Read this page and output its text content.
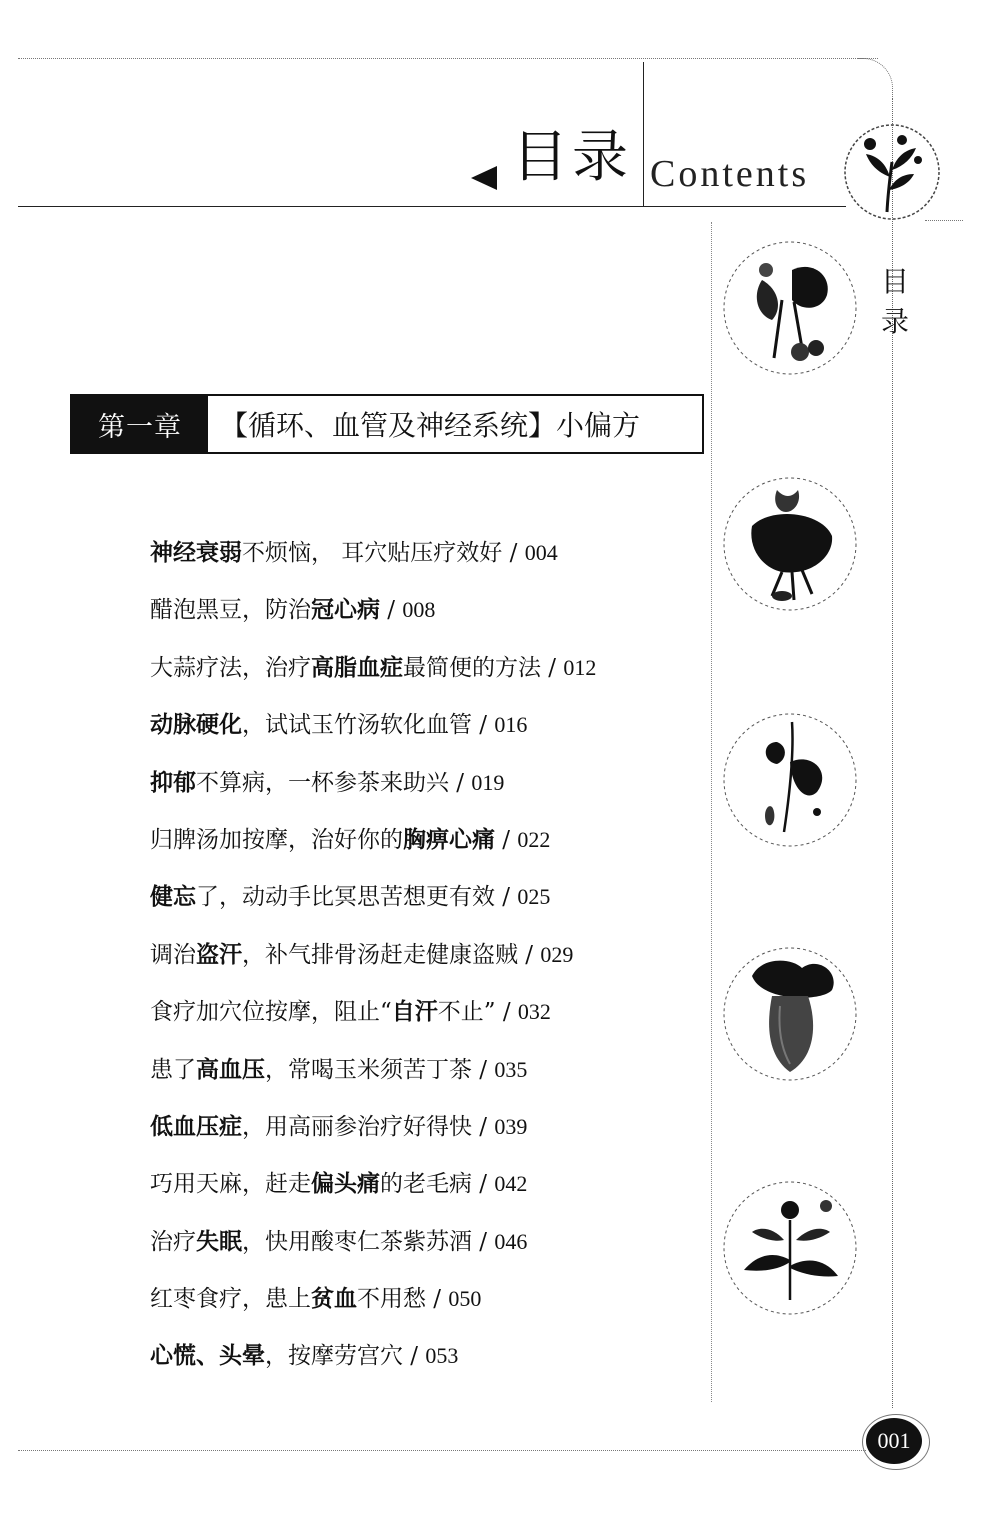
目录 Contents
目录
第一章	【循环、血管及神经系统】小偏方
神经衰弱不烦恼， 耳穴贴压疗效好 / 004
醋泡黑豆，防治冠心病 / 008
大蒜疗法，治疗高脂血症最简便的方法 / 012
动脉硬化，试试玉竹汤软化血管 / 016
抑郁不算病，一杯参茶来助兴 / 019
归脾汤加按摩，治好你的胸痹心痛 / 022
健忘了，动动手比冥思苦想更有效 / 025
调治盗汗，补气排骨汤赶走健康盗贼 / 029
食疗加穴位按摩，阻止“自汗不止” / 032
患了高血压，常喝玉米须苦丁茶 / 035
低血压症，用高丽参治疗好得快 / 039
巧用天麻，赶走偏头痛的老毛病 / 042
治疗失眠，快用酸枣仁茶紫苏酒 / 046
红枣食疗，患上贫血不用愁 / 050
心慌、头晕，按摩劳宫穴 / 053
001
